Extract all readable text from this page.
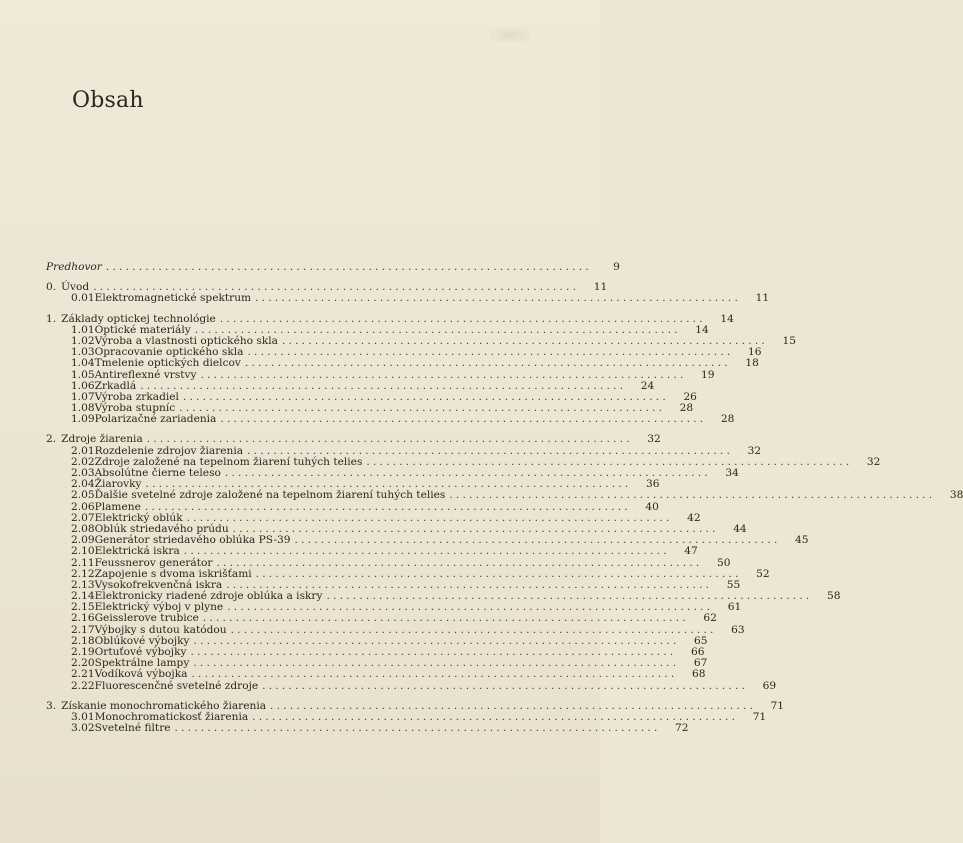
Obsah
Predhovor ..........................................................................	9
0. Úvod ..........................................................................	11
0.01 Elektromagnetické spektrum ..........................................................................	11
1. Základy optickej technológie ..........................................................................	14
1.01 Optické materiály ..........................................................................	14
1.02 Výroba a vlastnosti optického skla ..........................................................................	15
1.03 Opracovanie optického skla ..........................................................................	16
1.04 Tmelenie optických dielcov ..........................................................................	18
1.05 Antireflexné vrstvy ..........................................................................	19
1.06 Zrkadlá ..........................................................................	24
1.07 Výroba zrkadiel ..........................................................................	26
1.08 Výroba stupníc ..........................................................................	28
1.09 Polarizačné zariadenia ..........................................................................	28
2. Zdroje žiarenia ..........................................................................	32
2.01 Rozdelenie zdrojov žiarenia ..........................................................................	32
2.02 Zdroje založené na tepelnom žiarení tuhých telies ..........................................................................	32
2.03 Absolútne čierne teleso ..........................................................................	34
2.04 Žiarovky ..........................................................................	36
2.05 Ďalšie svetelné zdroje založené na tepelnom žiarení tuhých telies ..........................................................................	38
2.06 Plamene ..........................................................................	40
2.07 Elektrický oblúk ..........................................................................	42
2.08 Oblúk striedavého prúdu ..........................................................................	44
2.09 Generátor striedavého oblúka PS-39 ..........................................................................	45
2.10 Elektrická iskra ..........................................................................	47
2.11 Feussnerov generátor ..........................................................................	50
2.12 Zapojenie s dvoma iskrišťami ..........................................................................	52
2.13 Vysokofrekvenčná iskra ..........................................................................	55
2.14 Elektronicky riadené zdroje oblúka a iskry ..........................................................................	58
2.15 Elektrický výboj v plyne ..........................................................................	61
2.16 Geisslerove trubice ..........................................................................	62
2.17 Výbojky s dutou katódou ..........................................................................	63
2.18 Oblúkové výbojky ..........................................................................	65
2.19 Ortuťové výbojky ..........................................................................	66
2.20 Spektrálne lampy ..........................................................................	67
2.21 Vodíková výbojka ..........................................................................	68
2.22 Fluorescenčné svetelné zdroje ..........................................................................	69
3. Získanie monochromatického žiarenia ..........................................................................	71
3.01 Monochromatickosť žiarenia ..........................................................................	71
3.02 Svetelné filtre ..........................................................................	72
